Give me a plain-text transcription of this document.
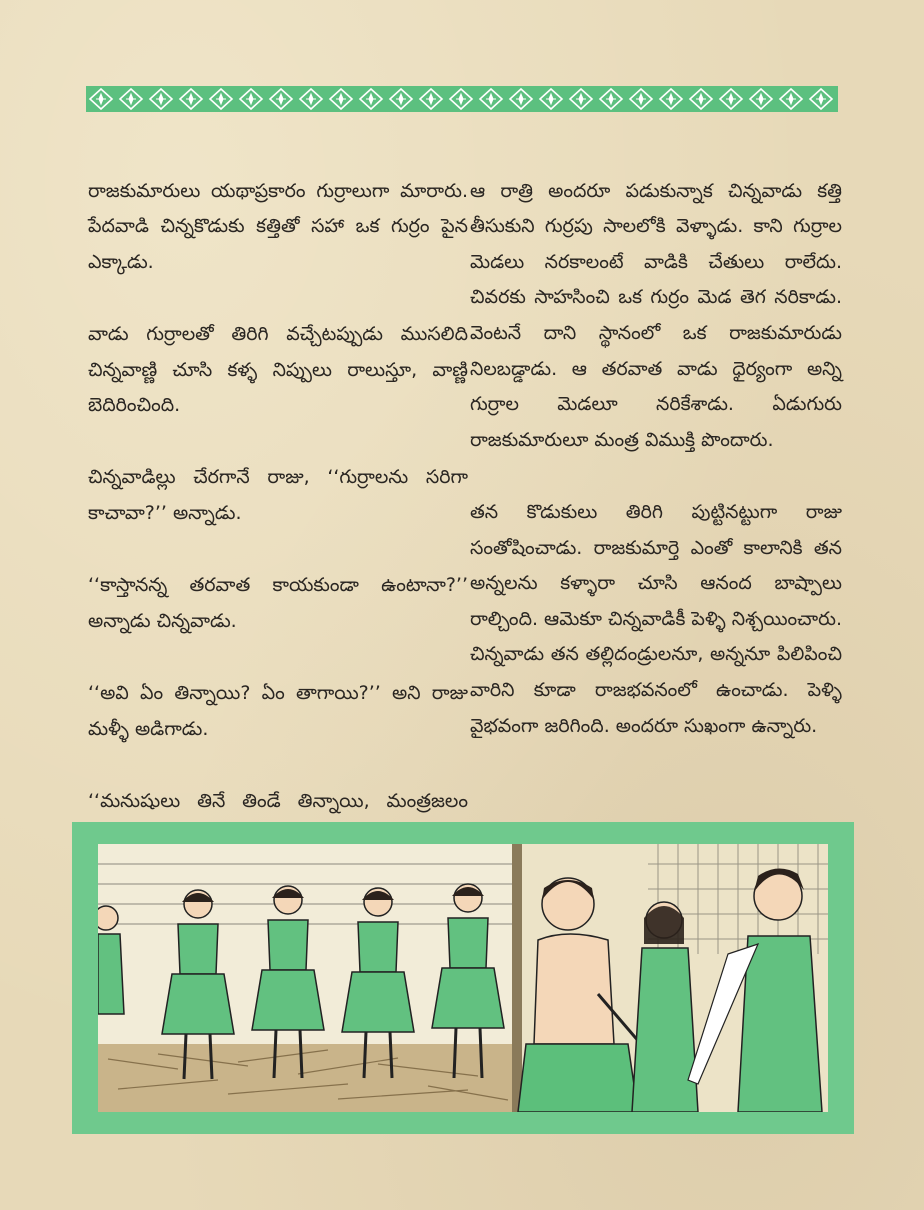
రాజకుమారులు యథాప్రకారం గుర్రాలుగా మారారు. పేదవాడి చిన్నకొడుకు కత్తితో సహా ఒక గుర్రం పైన ఎక్కాడు.

వాడు గుర్రాలతో తిరిగి వచ్చేటప్పుడు ముసలిది చిన్నవాణ్ణి చూసి కళ్ళ నిప్పులు రాలుస్తూ, వాణ్ణి బెదిరించింది.

చిన్నవాడిల్లు చేరగానే రాజు, ‘‘గుర్రాలను సరిగా కాచావా?’’ అన్నాడు.

‘‘కాస్తానన్న తరవాత కాయకుండా ఉంటానా?’’ అన్నాడు చిన్నవాడు.

‘‘అవి ఏం తిన్నాయి? ఏం తాగాయి?’’ అని రాజు మళ్ళీ అడిగాడు.

‘‘మనుషులు తినే తిండే తిన్నాయి, మంత్రజలం

ఆ రాత్రి అందరూ పడుకున్నాక చిన్నవాడు కత్తి తీసుకుని గుర్రపు సాలలోకి వెళ్ళాడు. కాని గుర్రాల మెడలు నరకాలంటే వాడికి చేతులు రాలేదు. చివరకు సాహసించి ఒక గుర్రం మెడ తెగ నరికాడు. వెంటనే దాని స్థానంలో ఒక రాజకుమారుడు నిలబడ్డాడు. ఆ తరవాత వాడు ధైర్యంగా అన్ని గుర్రాల మెడలూ నరికేశాడు. ఏడుగురు రాజకుమారులూ మంత్ర విముక్తి పొందారు.

తన కొడుకులు తిరిగి పుట్టినట్టుగా రాజు సంతోషించాడు. రాజకుమార్తె ఎంతో కాలానికి తన అన్నలను కళ్ళారా చూసి ఆనంద బాష్పాలు రాల్చింది. ఆమెకూ చిన్నవాడికీ పెళ్ళి నిశ్చయించారు. చిన్నవాడు తన తల్లిదండ్రులనూ, అన్ననూ పిలిపించి వారిని కూడా రాజభవనంలో ఉంచాడు. పెళ్ళి వైభవంగా జరిగింది. అందరూ సుఖంగా ఉన్నారు.
